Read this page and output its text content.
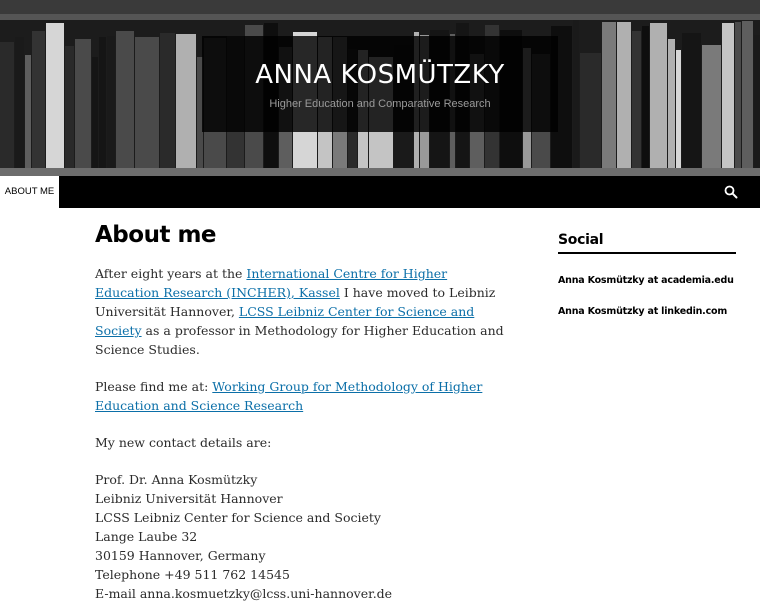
ANNA KOSMÜTZKY
Higher Education and Comparative Research
ABOUT ME
About me

After eight years at the International Centre for Higher Education Research (INCHER), Kassel I have moved to Leibniz Universität Hannover, LCSS Leibniz Center for Science and Society as a professor in Methodology for Higher Education and Science Studies.

Please find me at: Working Group for Methodology of Higher Education and Science Research

My new contact details are:

Prof. Dr. Anna Kosmützky
Leibniz Universität Hannover
LCSS Leibniz Center for Science and Society
Lange Laube 32
30159 Hannover, Germany
Telephone +49 511 762 14545
E-mail anna.kosmuetzky@lcss.uni-hannover.de

Social
Anna Kosmützky at academia.edu
Anna Kosmützky at linkedin.com
